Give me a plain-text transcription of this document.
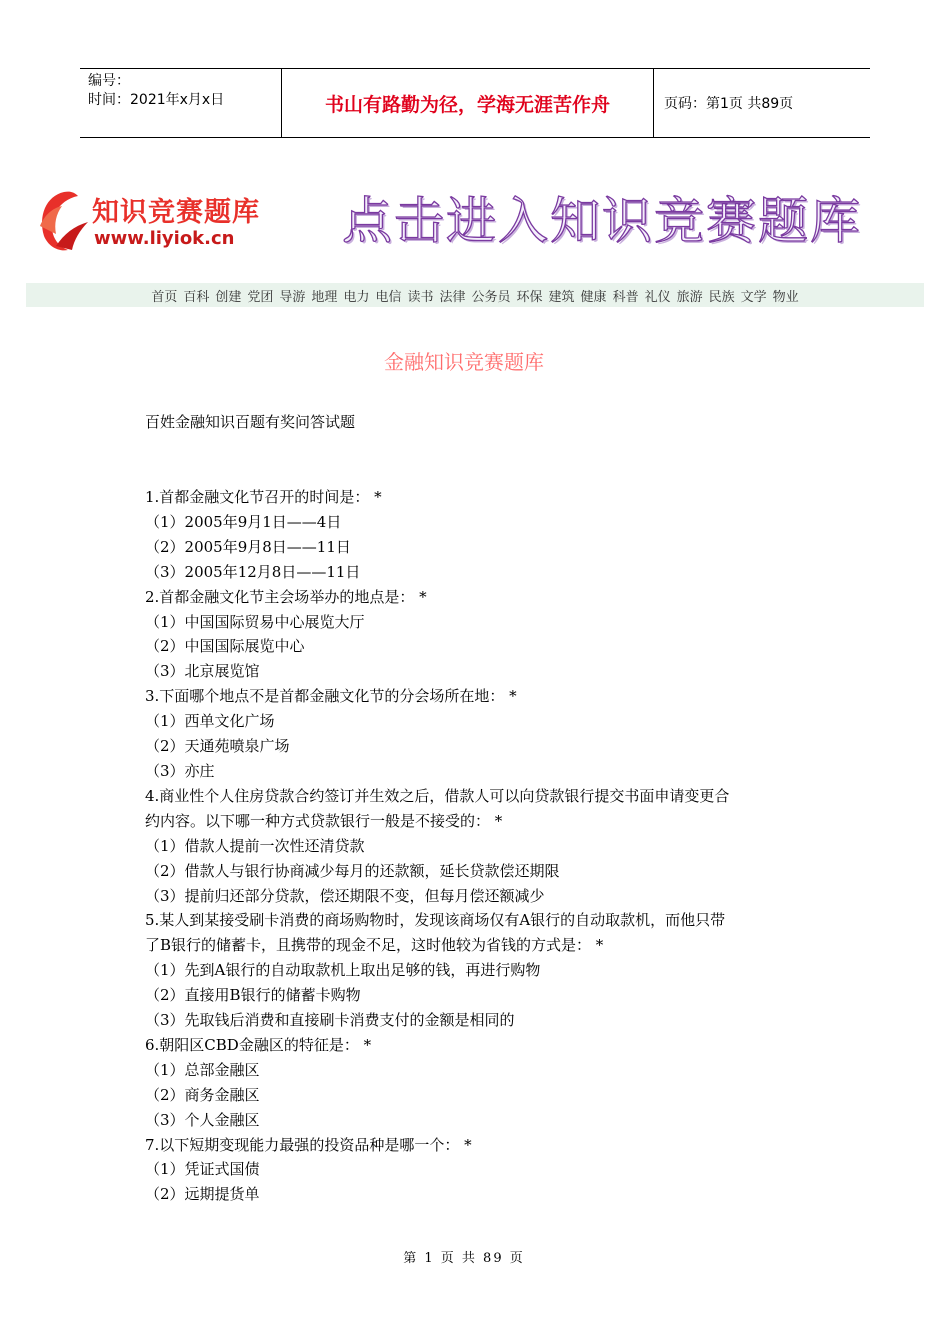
编号：
时间：2021年x月x日	书山有路勤为径，学海无涯苦作舟	页码：第1页 共89页
知识竞赛题库
www.liyiok.cn 点击进入知识竞赛题库
首页 百科 创建 党团 导游 地理 电力 电信 读书 法律 公务员 环保 建筑 健康 科普 礼仪 旅游 民族 文学 物业
金融知识竞赛题库
百姓金融知识百题有奖问答试题

1.首都金融文化节召开的时间是： *

（1）2005年9月1日——4日

（2）2005年9月8日——11日

（3）2005年12月8日——11日

2.首都金融文化节主会场举办的地点是： *

（1）中国国际贸易中心展览大厅

（2）中国国际展览中心

（3）北京展览馆

3.下面哪个地点不是首都金融文化节的分会场所在地： *

（1）西单文化广场

（2）天通苑喷泉广场

（3）亦庄

4.商业性个人住房贷款合约签订并生效之后，借款人可以向贷款银行提交书面申请变更合

约内容。以下哪一种方式贷款银行一般是不接受的： *

（1）借款人提前一次性还清贷款

（2）借款人与银行协商减少每月的还款额，延长贷款偿还期限

（3）提前归还部分贷款，偿还期限不变，但每月偿还额减少

5.某人到某接受刷卡消费的商场购物时，发现该商场仅有A银行的自动取款机，而他只带

了B银行的储蓄卡，且携带的现金不足，这时他较为省钱的方式是： *

（1）先到A银行的自动取款机上取出足够的钱，再进行购物

（2）直接用B银行的储蓄卡购物

（3）先取钱后消费和直接刷卡消费支付的金额是相同的

6.朝阳区CBD金融区的特征是： *

（1）总部金融区

（2）商务金融区

（3）个人金融区

7.以下短期变现能力最强的投资品种是哪一个： *

（1）凭证式国债

（2）远期提货单

第 1 页 共 89 页
